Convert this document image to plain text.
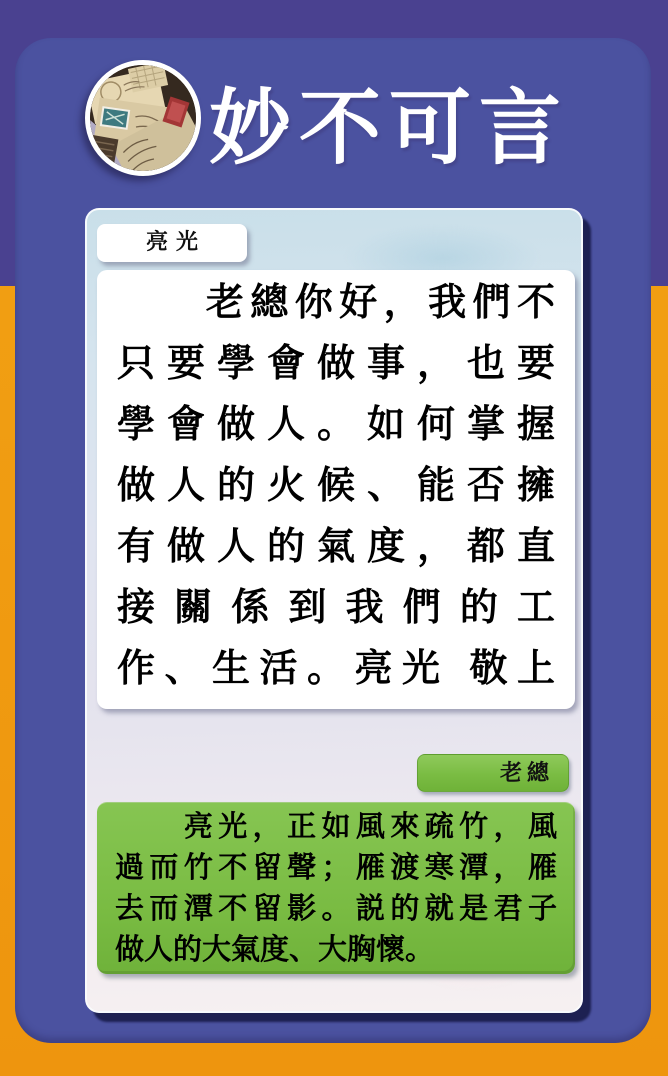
妙不可言
亮光
　　老總你好，我們不
只要學會做事，也要
學會做人。如何掌握
做人的火候、能否擁
有做人的氣度，都直
接關係到我們的工
作、生活。亮光 敬上
老總
　　亮光，正如風來疏竹，風
過而竹不留聲；雁渡寒潭，雁
去而潭不留影。説的就是君子
做人的大氣度、大胸懷。
